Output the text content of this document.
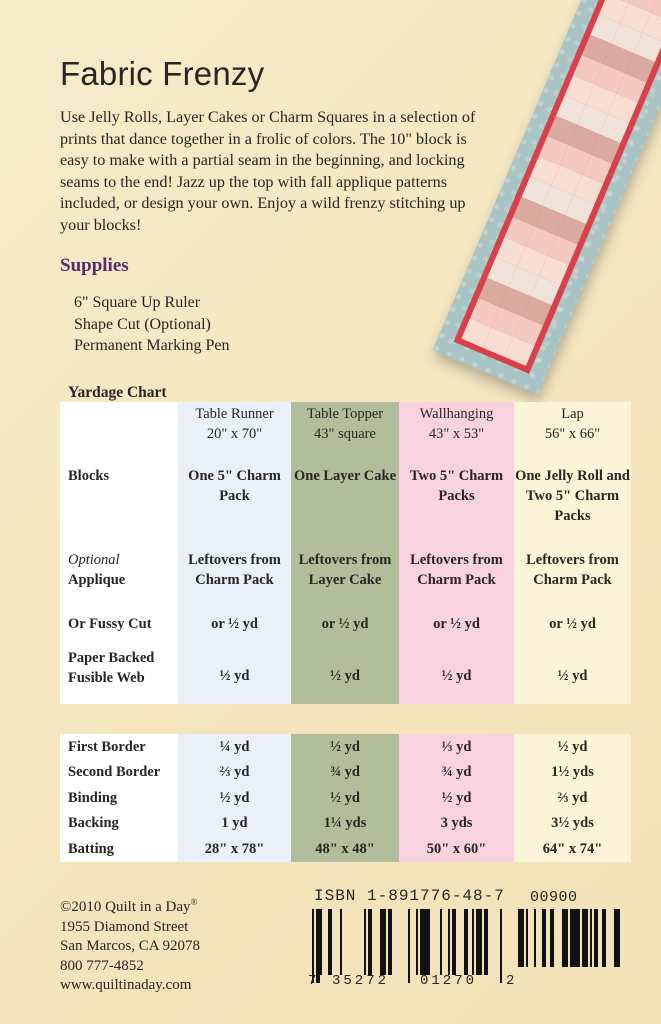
Fabric Frenzy

Use Jelly Rolls, Layer Cakes or Charm Squares in a selection of prints that dance together in a frolic of colors. The 10" block is easy to make with a partial seam in the beginning, and locking seams to the end! Jazz up the top with fall applique patterns included, or design your own. Enjoy a wild frenzy stitching up your blocks!

Supplies
6" Square Up Ruler
Shape Cut (Optional)
Permanent Marking Pen
Yardage Chart
Blocks
Optional
Applique
Or Fussy Cut
Paper Backed Fusible Web
Table Runner
20" x 70"
One 5" Charm Pack
Leftovers from Charm Pack
or ½ yd
½ yd
Table Topper
43" square
One Layer Cake
Leftovers from Layer Cake
or ½ yd
½ yd
Wallhanging
43" x 53"
Two 5" Charm Packs
Leftovers from Charm Pack
or ½ yd
½ yd
Lap
56" x 66"
One Jelly Roll and Two 5" Charm Packs
Leftovers from Charm Pack
or ½ yd
½ yd
First Border
Second Border
Binding
Backing
Batting
¼ yd
⅔ yd
½ yd
1 yd
28" x 78"
½ yd
¾ yd
½ yd
1¼ yds
48" x 48"
⅓ yd
¾ yd
½ yd
3 yds
50" x 60"
½ yd
1½ yds
⅔ yd
3½ yds
64" x 74"
©2010 Quilt in a Day®
1955 Diamond Street
San Marcos, CA 92078
800 777-4852
www.quiltinaday.com
ISBN 1-891776-48-7 00900
7 35272 01270 2
